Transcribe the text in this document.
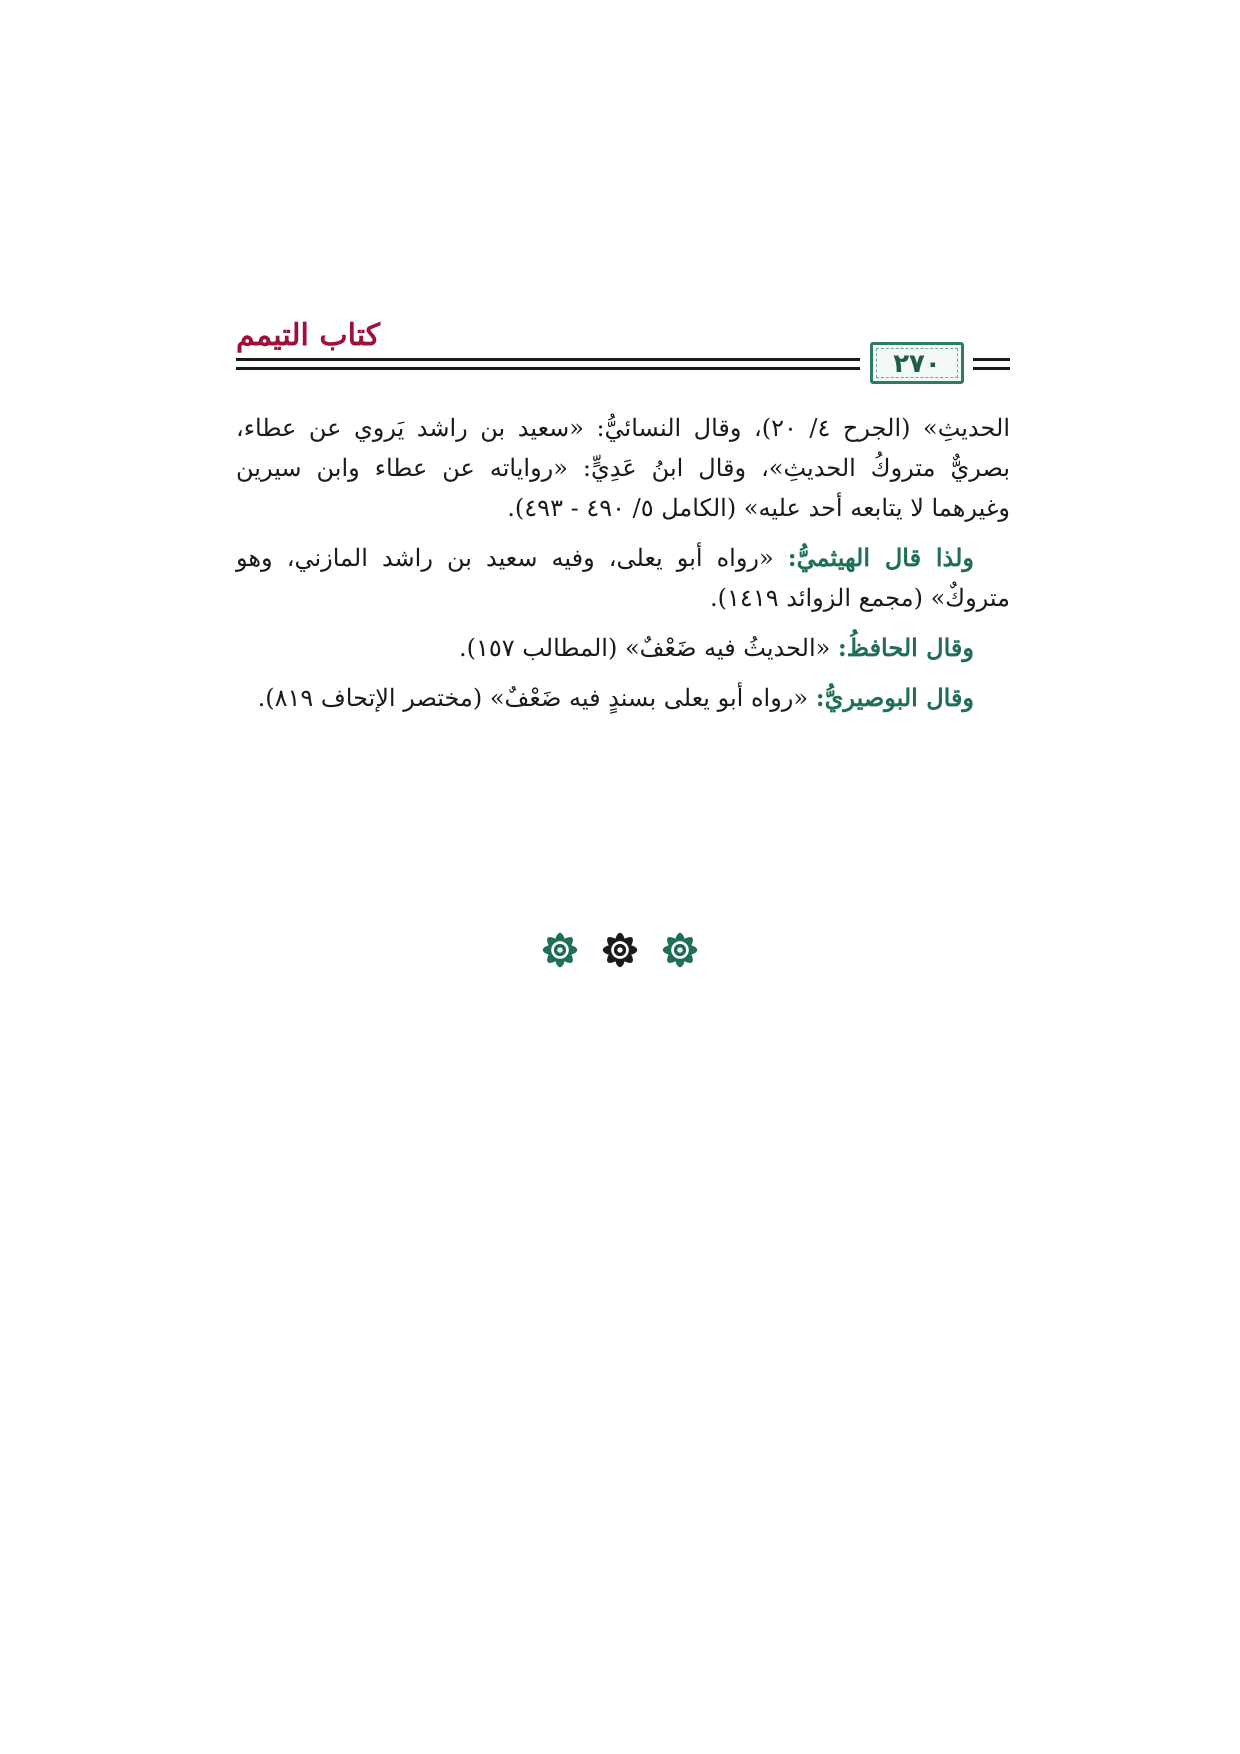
كتاب التيمم
٢٧٠

الحديثِ» (الجرح ٤/ ٢٠)، وقال النسائيُّ: «سعيد بن راشد يَروي عن عطاء، بصريٌّ متروكُ الحديثِ»، وقال ابنُ عَدِيٍّ: «رواياته عن عطاء وابن سيرين وغيرهما لا يتابعه أحد عليه» (الكامل ٥/ ٤٩٠ - ٤٩٣).

ولذا قال الهيثميُّ: «رواه أبو يعلى، وفيه سعيد بن راشد المازني، وهو متروكٌ» (مجمع الزوائد ١٤١٩).

وقال الحافظُ: «الحديثُ فيه ضَعْفٌ» (المطالب ١٥٧).

وقال البوصيريُّ: «رواه أبو يعلى بسندٍ فيه ضَعْفٌ» (مختصر الإتحاف ٨١٩).
